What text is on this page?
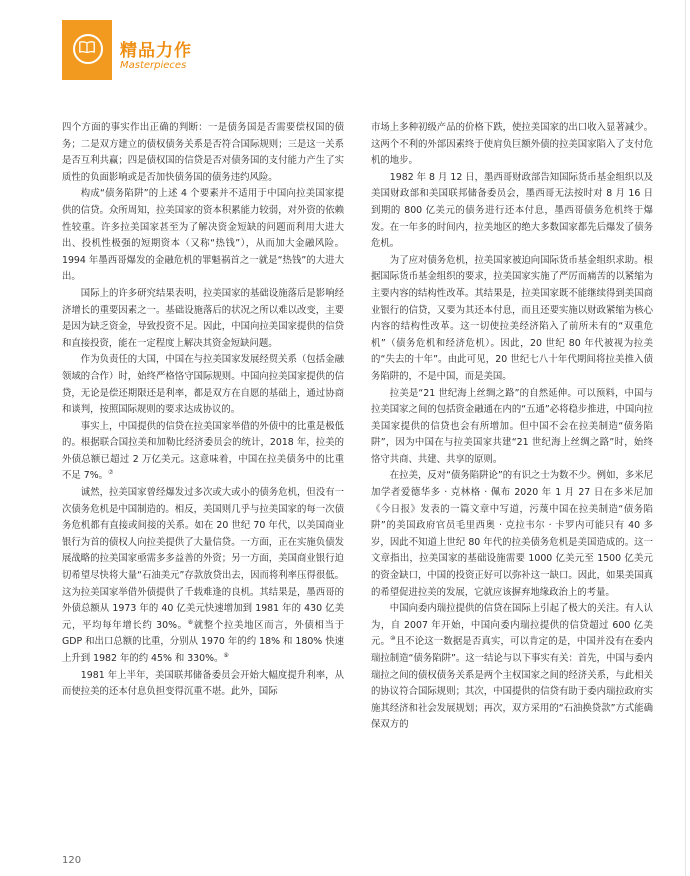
精品力作
Masterpieces

四个方面的事实作出正确的判断：一是债务国是否需要偿权国的债务；二是双方建立的债权债务关系是否符合国际规则；三是这一关系是否互利共赢；四是债权国的信贷是否对债务国的支付能力产生了实质性的负面影响或是否加快债务国的债务违约风险。

构成“债务陷阱”的上述 4 个要素并不适用于中国向拉美国家提供的信贷。众所周知，拉美国家的资本积累能力较弱，对外资的依赖性较重。许多拉美国家甚至为了解决资金短缺的问题而利用大进大出、投机性极强的短期资本（又称“热钱”），从而加大金融风险。1994 年墨西哥爆发的金融危机的罪魁祸首之一就是“热钱”的大进大出。

国际上的许多研究结果表明，拉美国家的基础设施落后是影响经济增长的重要因素之一。基础设施落后的状况之所以难以改变，主要是因为缺乏资金，导致投资不足。因此，中国向拉美国家提供的信贷和直接投资，能在一定程度上解决其资金短缺问题。

作为负责任的大国，中国在与拉美国家发展经贸关系（包括金融领域的合作）时，始终严格恪守国际规则。中国向拉美国家提供的信贷，无论是偿还期限还是利率，都是双方在自愿的基础上，通过协商和谈判，按照国际规则的要求达成协议的。

事实上，中国提供的信贷在拉美国家举借的外债中的比重是极低的。根据联合国拉美和加勒比经济委员会的统计，2018 年，拉美的外债总额已超过 2 万亿美元。这意味着，中国在拉美债务中的比重不足 7%。⑦

诚然，拉美国家曾经爆发过多次或大或小的债务危机，但没有一次债务危机是中国制造的。相反，美国则几乎与拉美国家的每一次债务危机都有直接或间接的关系。如在 20 世纪 70 年代，以美国商业银行为首的债权人向拉美提供了大量信贷。一方面，正在实施负债发展战略的拉美国家亟需多多益善的外资；另一方面，美国商业银行迫切希望尽快将大量“石油美元”存款放贷出去，因而将利率压得很低。这为拉美国家举借外债提供了千载难逢的良机。其结果是，墨西哥的外债总额从 1973 年的 40 亿美元快速增加到 1981 年的 430 亿美元，平均每年增长约 30%。⑧就整个拉美地区而言，外债相当于 GDP 和出口总额的比重，分别从 1970 年的约 18% 和 180% 快速上升到 1982 年的约 45% 和 330%。⑨

1981 年上半年，美国联邦储备委员会开始大幅度提升利率，从而使拉美的还本付息负担变得沉重不堪。此外，国际

市场上多种初级产品的价格下跌，使拉美国家的出口收入显著减少。这两个不利的外部因素终于使肩负巨额外债的拉美国家陷入了支付危机的地步。

1982 年 8 月 12 日，墨西哥财政部告知国际货币基金组织以及美国财政部和美国联邦储备委员会，墨西哥无法按时对 8 月 16 日到期的 800 亿美元的债务进行还本付息，墨西哥债务危机终于爆发。在一年多的时间内，拉美地区的绝大多数国家都先后爆发了债务危机。

为了应对债务危机，拉美国家被迫向国际货币基金组织求助。根据国际货币基金组织的要求，拉美国家实施了严厉而痛苦的以紧缩为主要内容的结构性改革。其结果是，拉美国家既不能继续得到美国商业银行的信贷，又要为其还本付息，而且还要实施以财政紧缩为核心内容的结构性改革。这一切使拉美经济陷入了前所未有的“双重危机”（债务危机和经济危机）。因此，20 世纪 80 年代被视为拉美的“失去的十年”。由此可见，20 世纪七八十年代期间将拉美推入债务陷阱的，不是中国，而是美国。

拉美是“21 世纪海上丝绸之路”的自然延伸。可以预料，中国与拉美国家之间的包括资金融通在内的“五通”必将稳步推进，中国向拉美国家提供的信贷也会有所增加。但中国不会在拉美制造“债务陷阱”，因为中国在与拉美国家共建“21 世纪海上丝绸之路”时，始终恪守共商、共建、共享的原则。

在拉美，反对“债务陷阱论”的有识之士为数不少。例如，多米尼加学者爱德华多 · 克林格 · 佩布 2020 年 1 月 27 日在多米尼加《今日报》发表的一篇文章中写道，污蔑中国在拉美制造“债务陷阱”的美国政府官员毛里西奥 · 克拉韦尔 · 卡罗内可能只有 40 多岁，因此不知道上世纪 80 年代的拉美债务危机是美国造成的。这一文章指出，拉美国家的基础设施需要 1000 亿美元至 1500 亿美元的资金缺口，中国的投资正好可以弥补这一缺口。因此，如果美国真的希望促进拉美的发展，它就应该摒弃地缘政治上的考量。

中国向委内瑞拉提供的信贷在国际上引起了极大的关注。有人认为，自 2007 年开始，中国向委内瑞拉提供的信贷超过 600 亿美元。⑩且不论这一数据是否真实，可以肯定的是，中国并没有在委内瑞拉制造“债务陷阱”。这一结论与以下事实有关：首先，中国与委内瑞拉之间的债权债务关系是两个主权国家之间的经济关系，与此相关的协议符合国际规则；其次，中国提供的信贷有助于委内瑞拉政府实施其经济和社会发展规划；再次，双方采用的“石油换贷款”方式能确保双方的

120
